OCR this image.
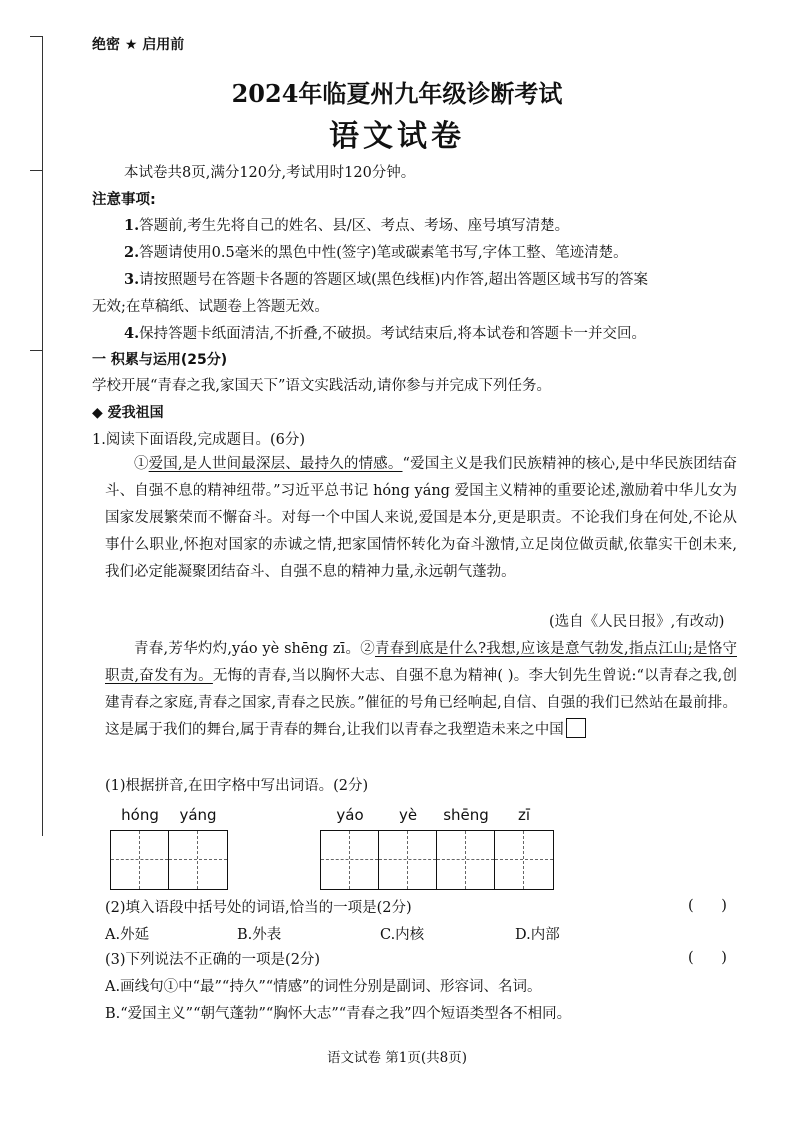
绝密 ★ 启用前
2024年临夏州九年级诊断考试
语文试卷
本试卷共8页,满分120分,考试用时120分钟。
注意事项:
1.答题前,考生先将自己的姓名、县/区、考点、考场、座号填写清楚。
2.答题请使用0.5毫米的黑色中性(签字)笔或碳素笔书写,字体工整、笔迹清楚。
3.请按照题号在答题卡各题的答题区域(黑色线框)内作答,超出答题区域书写的答案
无效;在草稿纸、试题卷上答题无效。
4.保持答题卡纸面清洁,不折叠,不破损。考试结束后,将本试卷和答题卡一并交回。
一 积累与运用(25分)
学校开展“青春之我,家国天下”语文实践活动,请你参与并完成下列任务。
◆ 爱我祖国
1.阅读下面语段,完成题目。(6分)
①爱国,是人世间最深层、最持久的情感。“爱国主义是我们民族精神的核心,是中华民族团结奋斗、自强不息的精神纽带。”习近平总书记 hóng yáng 爱国主义精神的重要论述,激励着中华儿女为国家发展繁荣而不懈奋斗。对每一个中国人来说,爱国是本分,更是职责。不论我们身在何处,不论从事什么职业,怀抱对国家的赤诚之情,把家国情怀转化为奋斗激情,立足岗位做贡献,依靠实干创未来,我们必定能凝聚团结奋斗、自强不息的精神力量,永远朝气蓬勃。
(选自《人民日报》,有改动)
青春,芳华灼灼,yáo yè shēng zī。②青春到底是什么?我想,应该是意气勃发,指点江山;是恪守职责,奋发有为。无悔的青春,当以胸怀大志、自强不息为精神( )。李大钊先生曾说:“以青春之我,创建青春之家庭,青春之国家,青春之民族。”催征的号角已经响起,自信、自强的我们已然站在最前排。这是属于我们的舞台,属于青春的舞台,让我们以青春之我塑造未来之中国
(1)根据拼音,在田字格中写出词语。(2分)
hóng	yáng	yáo	yè	shēng	zī
(2)填入语段中括号处的词语,恰当的一项是(2分)	(      )
A.外延	B.外表	C.内核	D.内部
(3)下列说法不正确的一项是(2分)	(      )
A.画线句①中“最”“持久”“情感”的词性分别是副词、形容词、名词。
B.“爱国主义”“朝气蓬勃”“胸怀大志”“青春之我”四个短语类型各不相同。
语文试卷 第1页(共8页)
